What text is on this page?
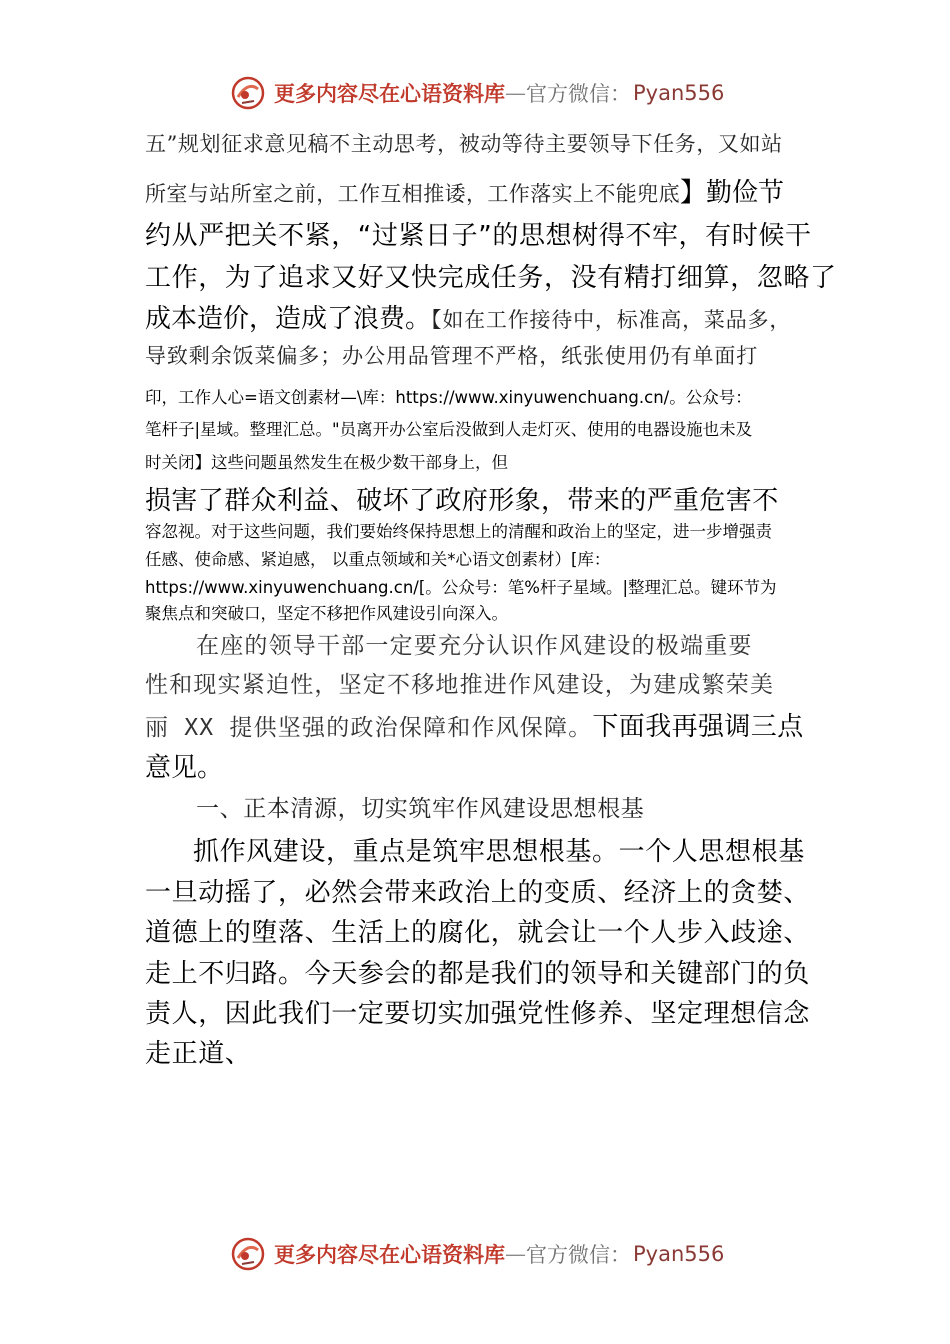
更多内容尽在心语资料库 — 官方微信： Pyan556

五”规划征求意见稿不主动思考，被动等待主要领导下任务，又如站

所室与站所室之前，工作互相推诿，工作落实上不能兜底】勤俭节

约从严把关不紧，“过紧日子”的思想树得不牢，有时候干

工作，为了追求又好又快完成任务，没有精打细算，忽略了

成本造价，造成了浪费。【如在工作接待中，标准高，菜品多，

导致剩余饭菜偏多；办公用品管理不严格，纸张使用仍有单面打

印，工作人心=语文创素材—\库：https://www.xinyuwenchuang.cn/。公众号：

笔杆子|星域。整理汇总。"员离开办公室后没做到人走灯灭、使用的电器设施也未及

时关闭】这些问题虽然发生在极少数干部身上，但

损害了群众利益、破坏了政府形象，带来的严重危害不

容忽视。对于这些问题，我们要始终保持思想上的清醒和政治上的坚定，进一步增强责

任感、使命感、紧迫感， 以重点领域和关*心语文创素材）[库：

https://www.xinyuwenchuang.cn/[。公众号：笔%杆子星域。|整理汇总。键环节为

聚焦点和突破口，坚定不移把作风建设引向深入。

在座的领导干部一定要充分认识作风建设的极端重要

性和现实紧迫性，坚定不移地推进作风建设，为建成繁荣美

丽 XX 提供坚强的政治保障和作风保障。下面我再强调三点

意见。

一、正本清源，切实筑牢作风建设思想根基

抓作风建设，重点是筑牢思想根基。一个人思想根基

一旦动摇了，必然会带来政治上的变质、经济上的贪婪、

道德上的堕落、生活上的腐化，就会让一个人步入歧途、

走上不归路。今天参会的都是我们的领导和关键部门的负

责人，因此我们一定要切实加强党性修养、坚定理想信念

走正道、

更多内容尽在心语资料库 — 官方微信： Pyan556
